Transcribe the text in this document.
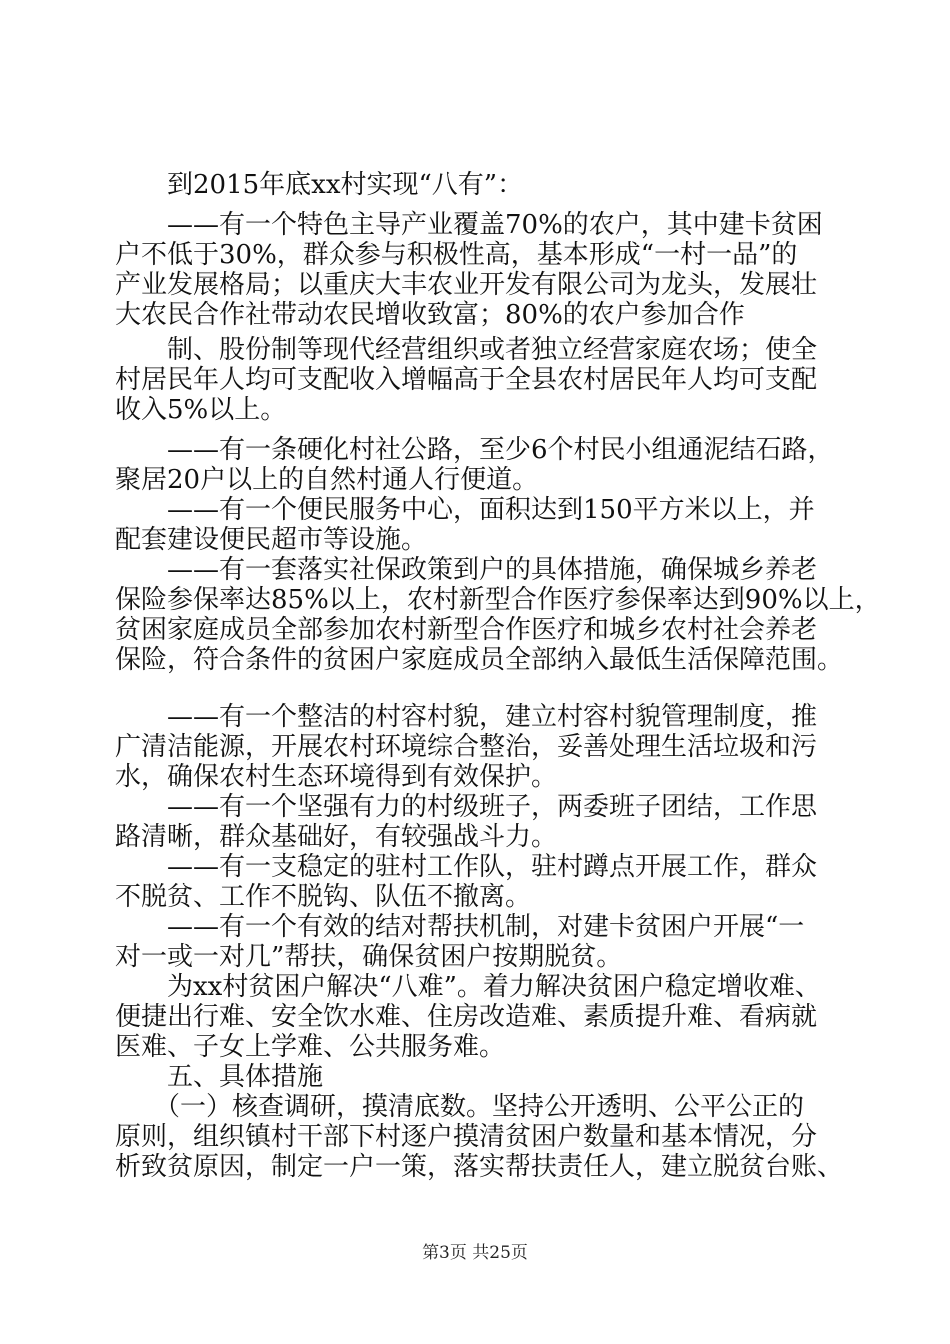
　　到2015年底xx村实现“八有”：
　　——有一个特色主导产业覆盖70%的农户，其中建卡贫困
户不低于30%，群众参与积极性高，基本形成“一村一品”的
产业发展格局；以重庆大丰农业开发有限公司为龙头，发展壮
大农民合作社带动农民增收致富；80%的农户参加合作
　　制、股份制等现代经营组织或者独立经营家庭农场；使全
村居民年人均可支配收入增幅高于全县农村居民年人均可支配
收入5%以上。
　　——有一条硬化村社公路，至少6个村民小组通泥结石路，
聚居20户以上的自然村通人行便道。
　　——有一个便民服务中心，面积达到150平方米以上，并
配套建设便民超市等设施。
　　——有一套落实社保政策到户的具体措施，确保城乡养老
保险参保率达85%以上，农村新型合作医疗参保率达到90%以上，
贫困家庭成员全部参加农村新型合作医疗和城乡农村社会养老
保险，符合条件的贫困户家庭成员全部纳入最低生活保障范围。
　　——有一个整洁的村容村貌，建立村容村貌管理制度，推
广清洁能源，开展农村环境综合整治，妥善处理生活垃圾和污
水，确保农村生态环境得到有效保护。
　　——有一个坚强有力的村级班子，两委班子团结，工作思
路清晰，群众基础好，有较强战斗力。
　　——有一支稳定的驻村工作队，驻村蹲点开展工作，群众
不脱贫、工作不脱钩、队伍不撤离。
　　——有一个有效的结对帮扶机制，对建卡贫困户开展“一
对一或一对几”帮扶，确保贫困户按期脱贫。
　　为xx村贫困户解决“八难”。着力解决贫困户稳定增收难、
便捷出行难、安全饮水难、住房改造难、素质提升难、看病就
医难、子女上学难、公共服务难。
　　五、具体措施
　　（一）核查调研，摸清底数。坚持公开透明、公平公正的
原则，组织镇村干部下村逐户摸清贫困户数量和基本情况，分
析致贫原因，制定一户一策，落实帮扶责任人，建立脱贫台账、
第3页 共25页
